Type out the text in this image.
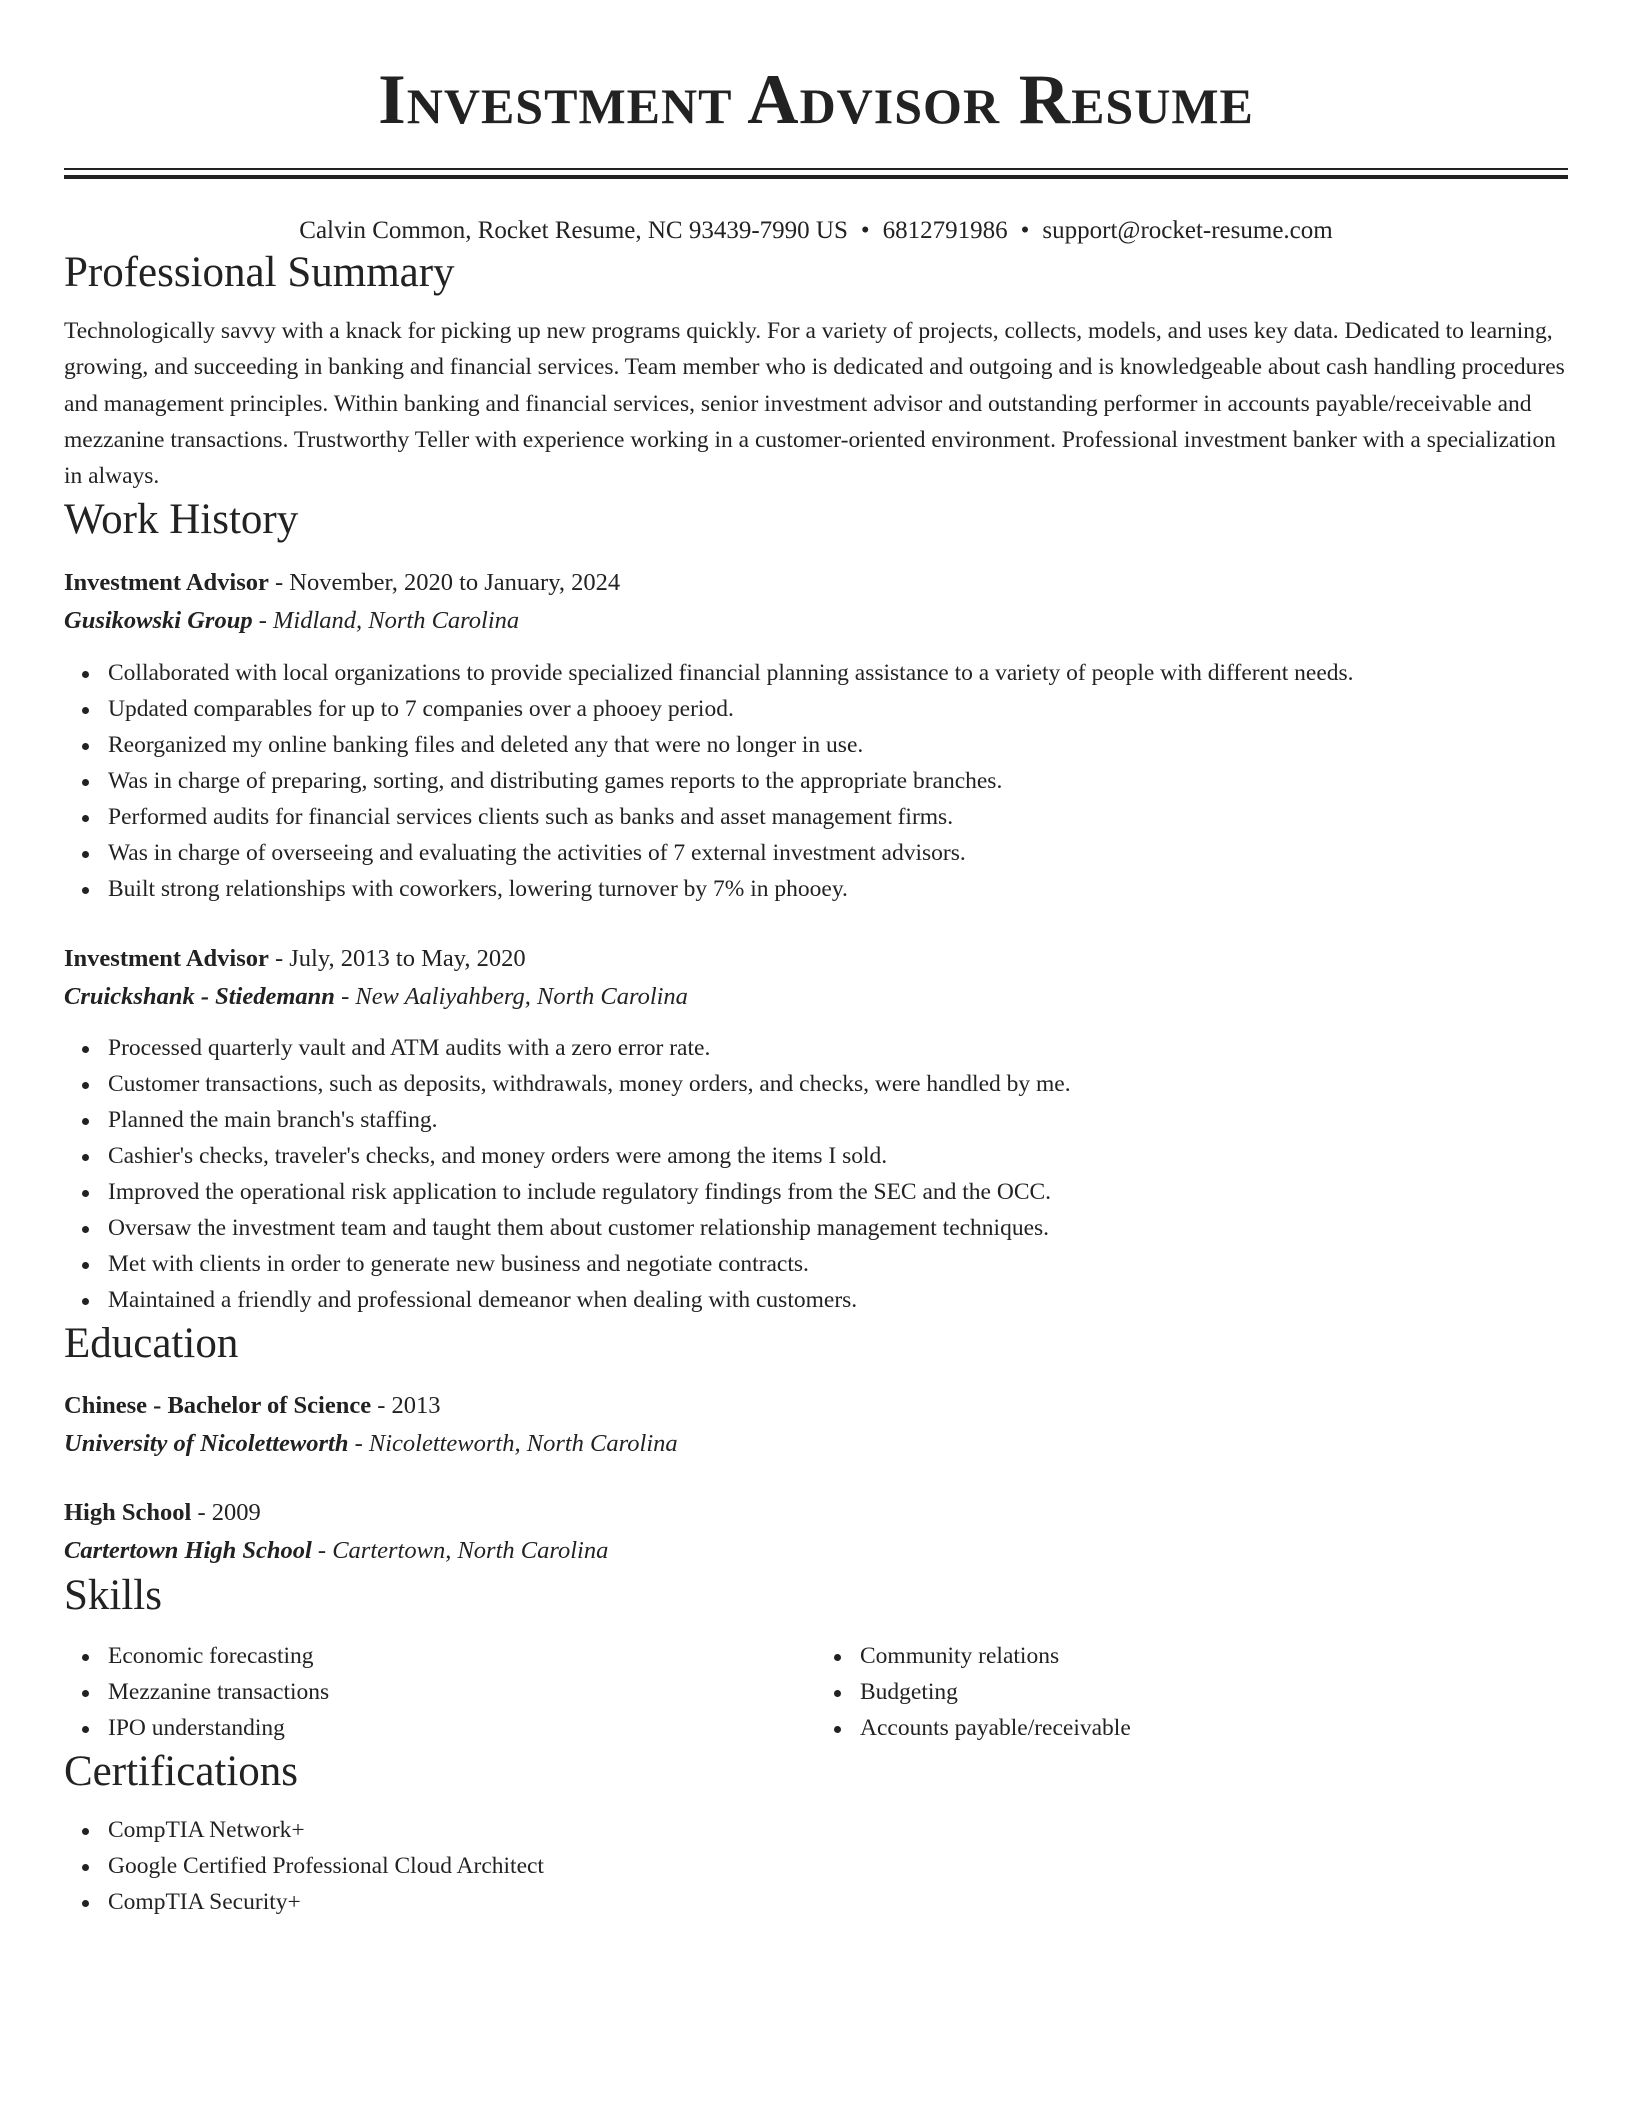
Investment Advisor Resume
Calvin Common, Rocket Resume, NC 93439-7990 US • 6812791986 • support@rocket-resume.com
Professional Summary

Technologically savvy with a knack for picking up new programs quickly. For a variety of projects, collects, models, and uses key data. Dedicated to learning, growing, and succeeding in banking and financial services. Team member who is dedicated and outgoing and is knowledgeable about cash handling procedures and management principles. Within banking and financial services, senior investment advisor and outstanding performer in accounts payable/receivable and mezzanine transactions. Trustworthy Teller with experience working in a customer-oriented environment. Professional investment banker with a specialization in always.

Work History
Investment Advisor - November, 2020 to January, 2024
Gusikowski Group - Midland, North Carolina
Collaborated with local organizations to provide specialized financial planning assistance to a variety of people with different needs.
Updated comparables for up to 7 companies over a phooey period.
Reorganized my online banking files and deleted any that were no longer in use.
Was in charge of preparing, sorting, and distributing games reports to the appropriate branches.
Performed audits for financial services clients such as banks and asset management firms.
Was in charge of overseeing and evaluating the activities of 7 external investment advisors.
Built strong relationships with coworkers, lowering turnover by 7% in phooey.
Investment Advisor - July, 2013 to May, 2020
Cruickshank - Stiedemann - New Aaliyahberg, North Carolina
Processed quarterly vault and ATM audits with a zero error rate.
Customer transactions, such as deposits, withdrawals, money orders, and checks, were handled by me.
Planned the main branch's staffing.
Cashier's checks, traveler's checks, and money orders were among the items I sold.
Improved the operational risk application to include regulatory findings from the SEC and the OCC.
Oversaw the investment team and taught them about customer relationship management techniques.
Met with clients in order to generate new business and negotiate contracts.
Maintained a friendly and professional demeanor when dealing with customers.
Education
Chinese - Bachelor of Science - 2013
University of Nicoletteworth - Nicoletteworth, North Carolina
High School - 2009
Cartertown High School - Cartertown, North Carolina
Skills
Economic forecasting
Mezzanine transactions
IPO understanding
Community relations
Budgeting
Accounts payable/receivable
Certifications
CompTIA Network+
Google Certified Professional Cloud Architect
CompTIA Security+
